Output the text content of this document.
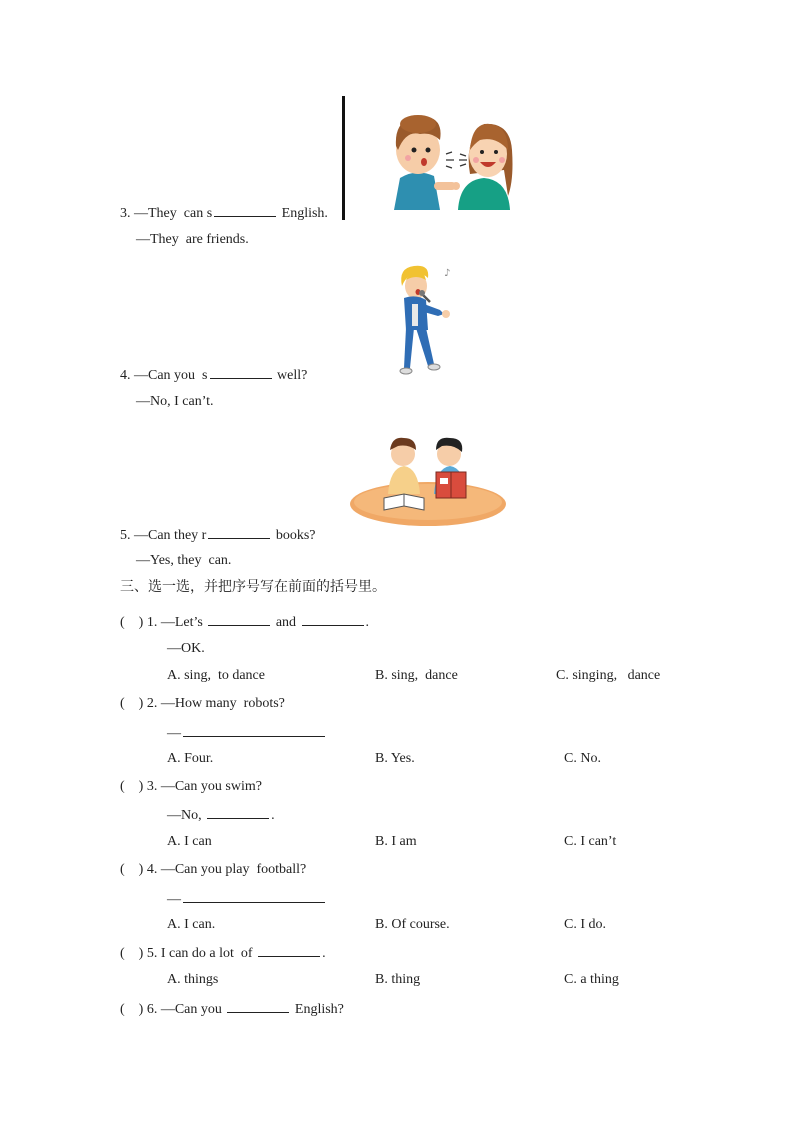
♪
3. —They  can s	English.
—They  are friends.
4. —Can you  s	well?
—No, I can’t.
5. —Can they r	books?
—Yes, they  can.
三、选一选，并把序号写在前面的括号里。
(    ) 1. —Let’s	and	.
—OK.
A. sing,  to dance	B. sing,  dance	C. singing,   dance
(    ) 2. —How many  robots?
—
A. Four.	B. Yes.	C. No.
(    ) 3. —Can you swim?
—No,	.
A. I can	B. I am	C. I can’t
(    ) 4. —Can you play  football?
—
A. I can.	B. Of course.	C. I do.
(    ) 5. I can do a lot  of	.
A. things	B. thing	C. a thing
(    ) 6. —Can you	English?
